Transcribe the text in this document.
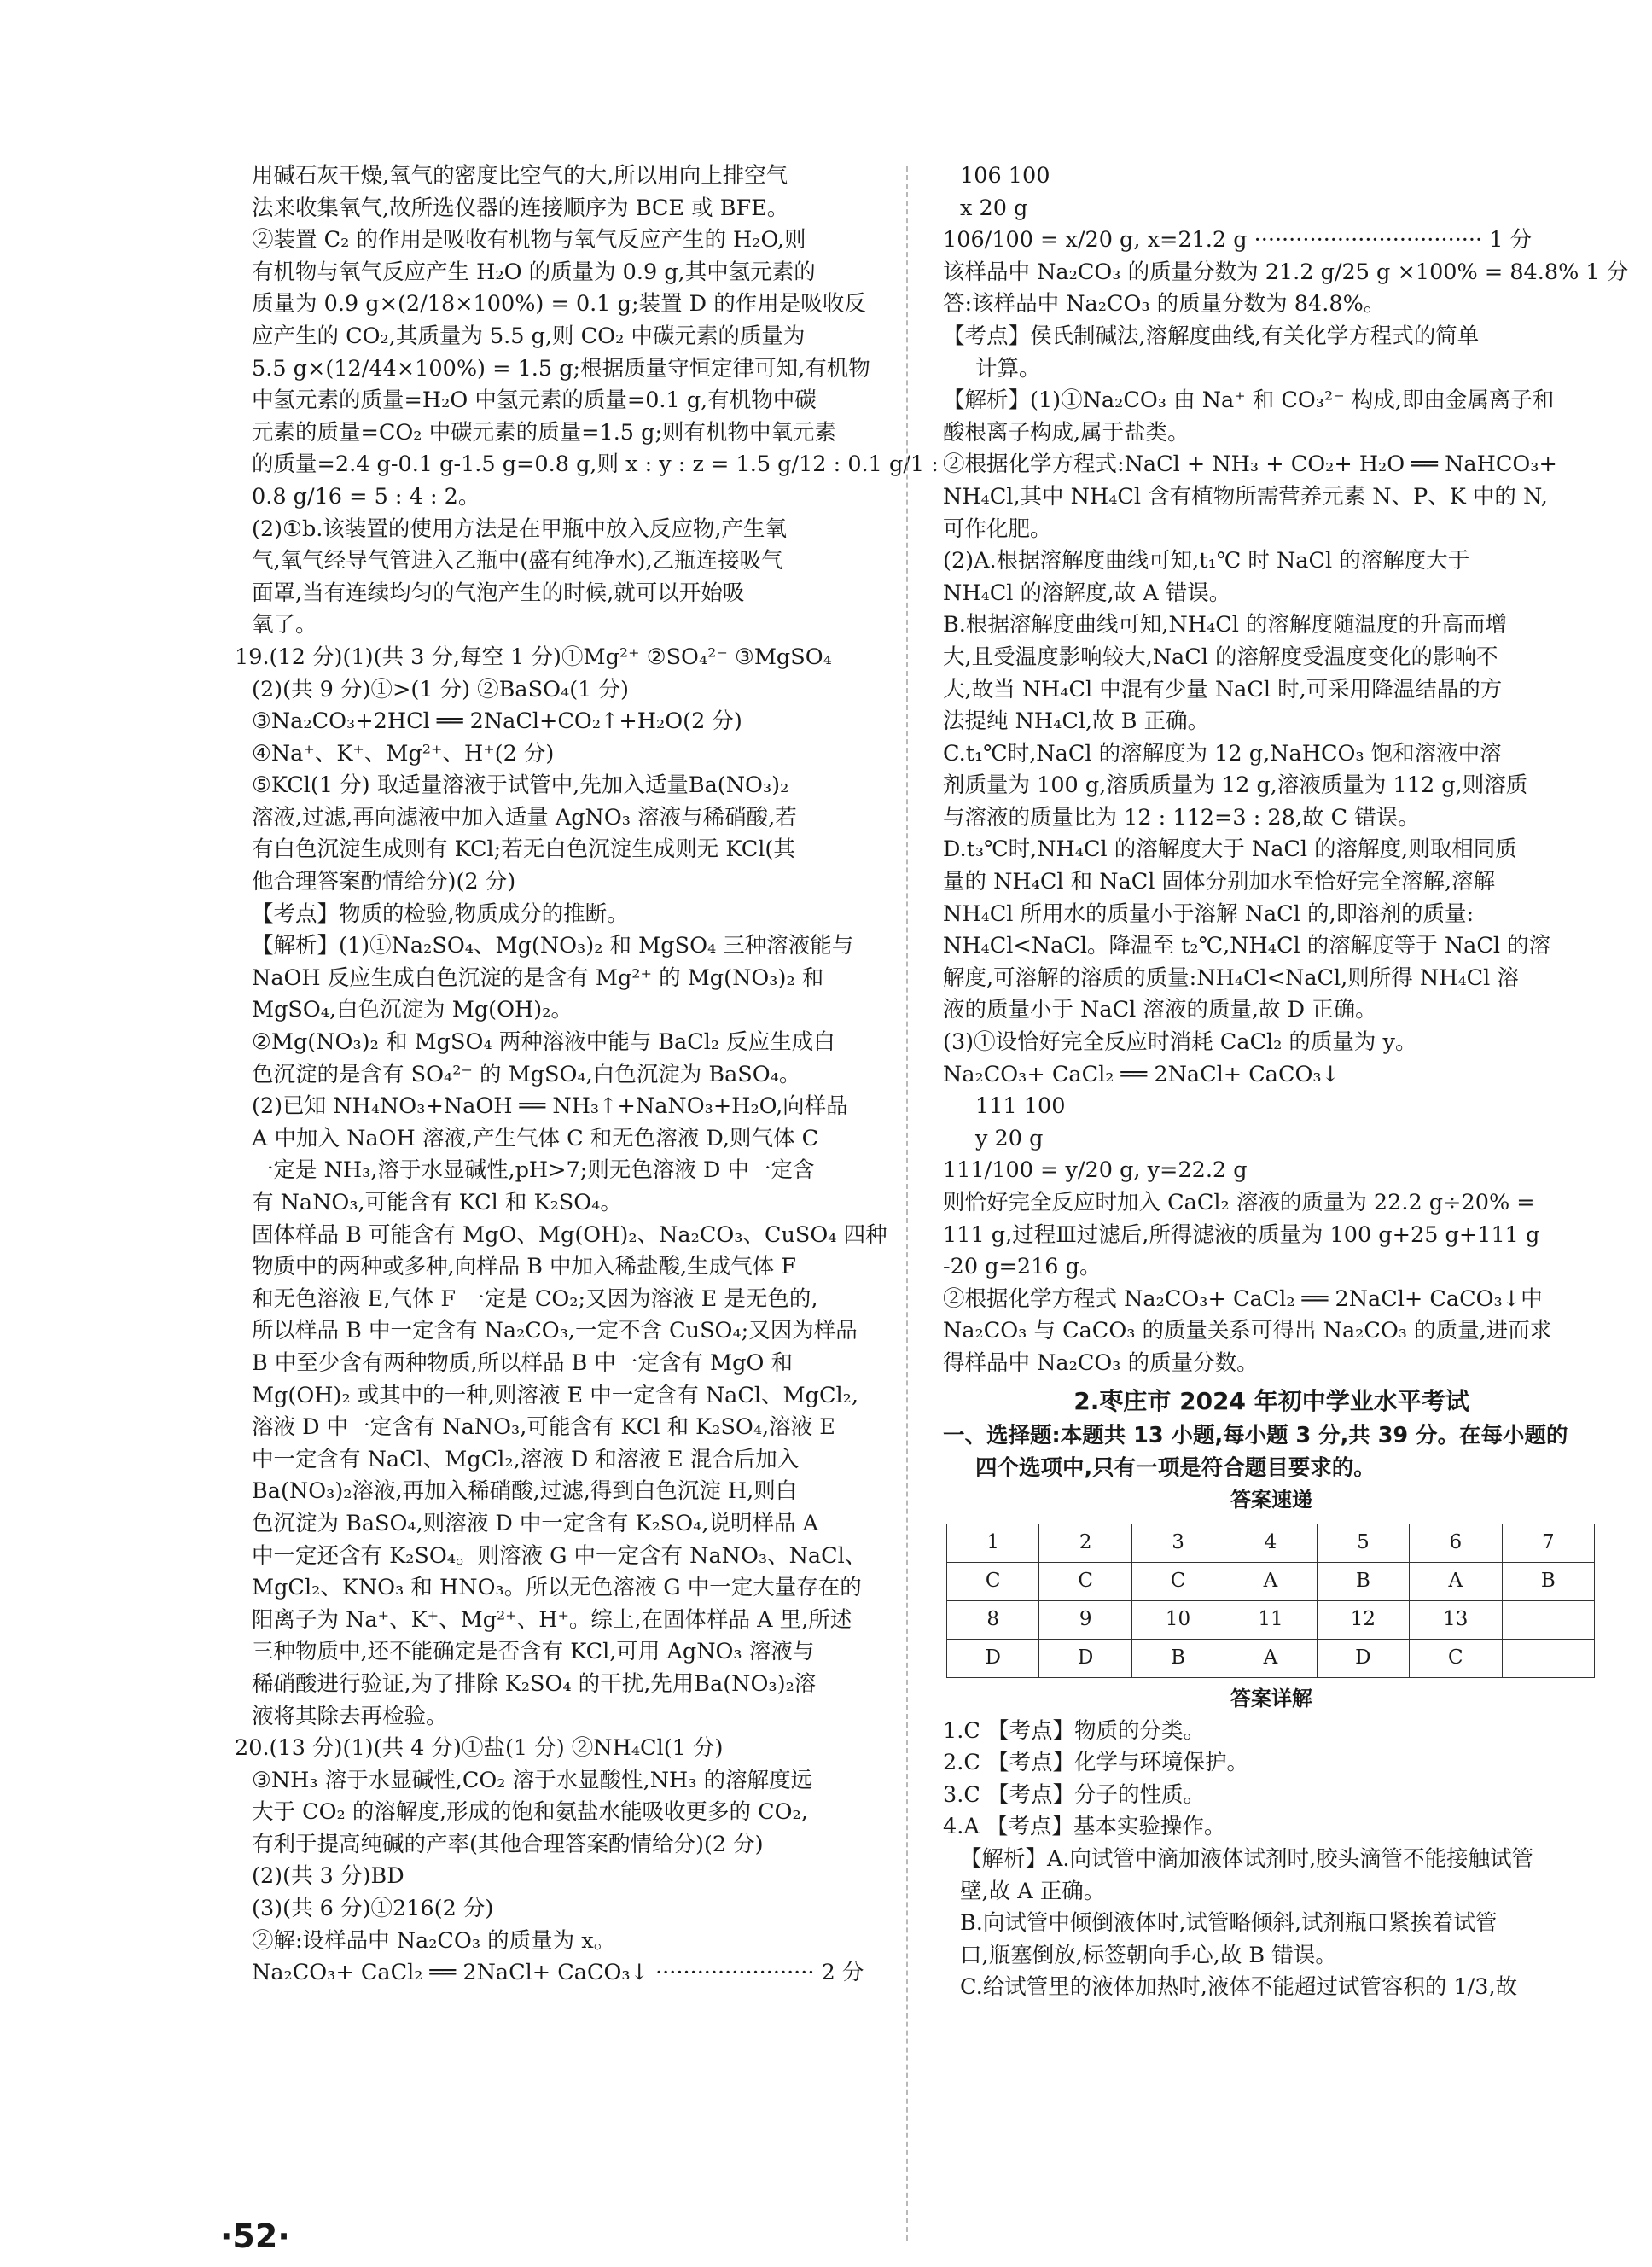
用碱石灰干燥,氧气的密度比空气的大,所以用向上排空气
法来收集氧气,故所选仪器的连接顺序为 BCE 或 BFE。
②装置 C₂ 的作用是吸收有机物与氧气反应产生的 H₂O,则
有机物与氧气反应产生 H₂O 的质量为 0.9 g,其中氢元素的
质量为 0.9 g×(2/18×100%) = 0.1 g;装置 D 的作用是吸收反
应产生的 CO₂,其质量为 5.5 g,则 CO₂ 中碳元素的质量为
5.5 g×(12/44×100%) = 1.5 g;根据质量守恒定律可知,有机物
中氢元素的质量=H₂O 中氢元素的质量=0.1 g,有机物中碳
元素的质量=CO₂ 中碳元素的质量=1.5 g;则有机物中氧元素
的质量=2.4 g-0.1 g-1.5 g=0.8 g,则 x : y : z = 1.5 g/12 : 0.1 g/1 :
0.8 g/16 = 5 : 4 : 2。
(2)①b.该装置的使用方法是在甲瓶中放入反应物,产生氧
气,氧气经导气管进入乙瓶中(盛有纯净水),乙瓶连接吸气
面罩,当有连续均匀的气泡产生的时候,就可以开始吸
氧了。
19.(12 分)(1)(共 3 分,每空 1 分)①Mg²⁺ ②SO₄²⁻ ③MgSO₄
(2)(共 9 分)①>(1 分) ②BaSO₄(1 分)
③Na₂CO₃+2HCl ══ 2NaCl+CO₂↑+H₂O(2 分)
④Na⁺、K⁺、Mg²⁺、H⁺(2 分)
⑤KCl(1 分) 取适量溶液于试管中,先加入适量Ba(NO₃)₂
溶液,过滤,再向滤液中加入适量 AgNO₃ 溶液与稀硝酸,若
有白色沉淀生成则有 KCl;若无白色沉淀生成则无 KCl(其
他合理答案酌情给分)(2 分)
【考点】物质的检验,物质成分的推断。
【解析】(1)①Na₂SO₄、Mg(NO₃)₂ 和 MgSO₄ 三种溶液能与
NaOH 反应生成白色沉淀的是含有 Mg²⁺ 的 Mg(NO₃)₂ 和
MgSO₄,白色沉淀为 Mg(OH)₂。
②Mg(NO₃)₂ 和 MgSO₄ 两种溶液中能与 BaCl₂ 反应生成白
色沉淀的是含有 SO₄²⁻ 的 MgSO₄,白色沉淀为 BaSO₄。
(2)已知 NH₄NO₃+NaOH ══ NH₃↑+NaNO₃+H₂O,向样品
A 中加入 NaOH 溶液,产生气体 C 和无色溶液 D,则气体 C
一定是 NH₃,溶于水显碱性,pH>7;则无色溶液 D 中一定含
有 NaNO₃,可能含有 KCl 和 K₂SO₄。
固体样品 B 可能含有 MgO、Mg(OH)₂、Na₂CO₃、CuSO₄ 四种
物质中的两种或多种,向样品 B 中加入稀盐酸,生成气体 F
和无色溶液 E,气体 F 一定是 CO₂;又因为溶液 E 是无色的,
所以样品 B 中一定含有 Na₂CO₃,一定不含 CuSO₄;又因为样品
B 中至少含有两种物质,所以样品 B 中一定含有 MgO 和
Mg(OH)₂ 或其中的一种,则溶液 E 中一定含有 NaCl、MgCl₂,
溶液 D 中一定含有 NaNO₃,可能含有 KCl 和 K₂SO₄,溶液 E
中一定含有 NaCl、MgCl₂,溶液 D 和溶液 E 混合后加入
Ba(NO₃)₂溶液,再加入稀硝酸,过滤,得到白色沉淀 H,则白
色沉淀为 BaSO₄,则溶液 D 中一定含有 K₂SO₄,说明样品 A
中一定还含有 K₂SO₄。则溶液 G 中一定含有 NaNO₃、NaCl、
MgCl₂、KNO₃ 和 HNO₃。所以无色溶液 G 中一定大量存在的
阳离子为 Na⁺、K⁺、Mg²⁺、H⁺。综上,在固体样品 A 里,所述
三种物质中,还不能确定是否含有 KCl,可用 AgNO₃ 溶液与
稀硝酸进行验证,为了排除 K₂SO₄ 的干扰,先用Ba(NO₃)₂溶
液将其除去再检验。
20.(13 分)(1)(共 4 分)①盐(1 分) ②NH₄Cl(1 分)
③NH₃ 溶于水显碱性,CO₂ 溶于水显酸性,NH₃ 的溶解度远
大于 CO₂ 的溶解度,形成的饱和氨盐水能吸收更多的 CO₂,
有利于提高纯碱的产率(其他合理答案酌情给分)(2 分)
(2)(共 3 分)BD
(3)(共 6 分)①216(2 分)
②解:设样品中 Na₂CO₃ 的质量为 x。
Na₂CO₃+ CaCl₂ ══ 2NaCl+ CaCO₃↓ ······················· 2 分
106 100
x 20 g
106/100 = x/20 g, x=21.2 g ································· 1 分
该样品中 Na₂CO₃ 的质量分数为 21.2 g/25 g ×100% = 84.8% 1 分
答:该样品中 Na₂CO₃ 的质量分数为 84.8%。
【考点】侯氏制碱法,溶解度曲线,有关化学方程式的简单
计算。
【解析】(1)①Na₂CO₃ 由 Na⁺ 和 CO₃²⁻ 构成,即由金属离子和
酸根离子构成,属于盐类。
②根据化学方程式:NaCl + NH₃ + CO₂+ H₂O ══ NaHCO₃+
NH₄Cl,其中 NH₄Cl 含有植物所需营养元素 N、P、K 中的 N,
可作化肥。
(2)A.根据溶解度曲线可知,t₁℃ 时 NaCl 的溶解度大于
NH₄Cl 的溶解度,故 A 错误。
B.根据溶解度曲线可知,NH₄Cl 的溶解度随温度的升高而增
大,且受温度影响较大,NaCl 的溶解度受温度变化的影响不
大,故当 NH₄Cl 中混有少量 NaCl 时,可采用降温结晶的方
法提纯 NH₄Cl,故 B 正确。
C.t₁℃时,NaCl 的溶解度为 12 g,NaHCO₃ 饱和溶液中溶
剂质量为 100 g,溶质质量为 12 g,溶液质量为 112 g,则溶质
与溶液的质量比为 12 : 112=3 : 28,故 C 错误。
D.t₃℃时,NH₄Cl 的溶解度大于 NaCl 的溶解度,则取相同质
量的 NH₄Cl 和 NaCl 固体分别加水至恰好完全溶解,溶解
NH₄Cl 所用水的质量小于溶解 NaCl 的,即溶剂的质量:
NH₄Cl<NaCl。降温至 t₂℃,NH₄Cl 的溶解度等于 NaCl 的溶
解度,可溶解的溶质的质量:NH₄Cl<NaCl,则所得 NH₄Cl 溶
液的质量小于 NaCl 溶液的质量,故 D 正确。
(3)①设恰好完全反应时消耗 CaCl₂ 的质量为 y。
Na₂CO₃+ CaCl₂ ══ 2NaCl+ CaCO₃↓
111 100
y 20 g
111/100 = y/20 g, y=22.2 g
则恰好完全反应时加入 CaCl₂ 溶液的质量为 22.2 g÷20% =
111 g,过程Ⅲ过滤后,所得滤液的质量为 100 g+25 g+111 g
-20 g=216 g。
②根据化学方程式 Na₂CO₃+ CaCl₂ ══ 2NaCl+ CaCO₃↓中
Na₂CO₃ 与 CaCO₃ 的质量关系可得出 Na₂CO₃ 的质量,进而求
得样品中 Na₂CO₃ 的质量分数。
2.枣庄市 2024 年初中学业水平考试
一、选择题:本题共 13 小题,每小题 3 分,共 39 分。在每小题的
四个选项中,只有一项是符合题目要求的。
答案速递
1	2	3	4	5	6	7
C	C	C	A	B	A	B
8	9	10	11	12	13	
D	D	B	A	D	C	
答案详解
1.C 【考点】物质的分类。
2.C 【考点】化学与环境保护。
3.C 【考点】分子的性质。
4.A 【考点】基本实验操作。
【解析】A.向试管中滴加液体试剂时,胶头滴管不能接触试管
壁,故 A 正确。
B.向试管中倾倒液体时,试管略倾斜,试剂瓶口紧挨着试管
口,瓶塞倒放,标签朝向手心,故 B 错误。
C.给试管里的液体加热时,液体不能超过试管容积的 1/3,故
·52·
